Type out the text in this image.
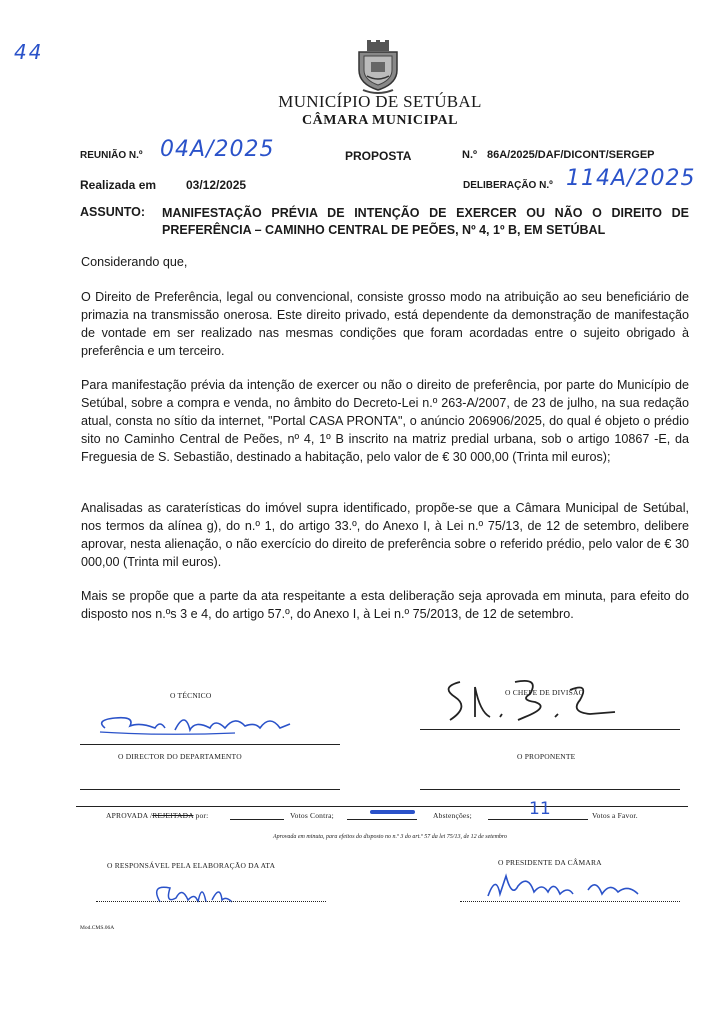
44
MUNICÍPIO DE SETÚBAL
CÂMARA MUNICIPAL
REUNIÃO N.º 04A/2025	PROPOSTA	N.º 86A/2025/DAF/DICONT/SERGEP
Realizada em 03/12/2025	DELIBERAÇÃO N.º 114A/2025
ASSUNTO: MANIFESTAÇÃO PRÉVIA DE INTENÇÃO DE EXERCER OU NÃO O DIREITO DE PREFERÊNCIA – CAMINHO CENTRAL DE PEÕES, Nº 4, 1º B, EM SETÚBAL

Considerando que,

O Direito de Preferência, legal ou convencional, consiste grosso modo na atribuição ao seu beneficiário de primazia na transmissão onerosa. Este direito privado, está dependente da demonstração de manifestação de vontade em ser realizado nas mesmas condições que foram acordadas entre o sujeito obrigado à preferência e um terceiro.

Para manifestação prévia da intenção de exercer ou não o direito de preferência, por parte do Município de Setúbal, sobre a compra e venda, no âmbito do Decreto-Lei n.º 263-A/2007, de 23 de julho, na sua redação atual, consta no sítio da internet, "Portal CASA PRONTA", o anúncio 206906/2025, do qual é objeto o prédio sito no Caminho Central de Peões, nº 4, 1º B inscrito na matriz predial urbana, sob o artigo 10867 -E, da Freguesia de S. Sebastião, destinado a habitação, pelo valor de € 30 000,00 (Trinta mil euros);

Analisadas as caraterísticas do imóvel supra identificado, propõe-se que a Câmara Municipal de Setúbal, nos termos da alínea g), do n.º 1, do artigo 33.º, do Anexo I, à Lei n.º 75/13, de 12 de setembro, delibere aprovar, nesta alienação, o não exercício do direito de preferência sobre o referido prédio, pelo valor de € 30 000,00 (Trinta mil euros).

Mais se propõe que a parte da ata respeitante a esta deliberação seja aprovada em minuta, para efeito do disposto nos n.ºs 3 e 4, do artigo 57.º, do Anexo I, à Lei n.º 75/2013, de 12 de setembro.

O TÉCNICO	O CHEFE DE DIVISÃO
O DIRECTOR DO DEPARTAMENTO	O PROPONENTE
APROVADA /REJEITADA por:	Votos Contra;	Abstenções;	11	Votos a Favor.
Aprovada em minuta, para efeitos do disposto no n.º 3 do art.º 57 da lei 75/13, de 12 de setembro
O RESPONSÁVEL PELA ELABORAÇÃO DA ATA	O PRESIDENTE DA CÂMARA
Mod.CMS.06A
